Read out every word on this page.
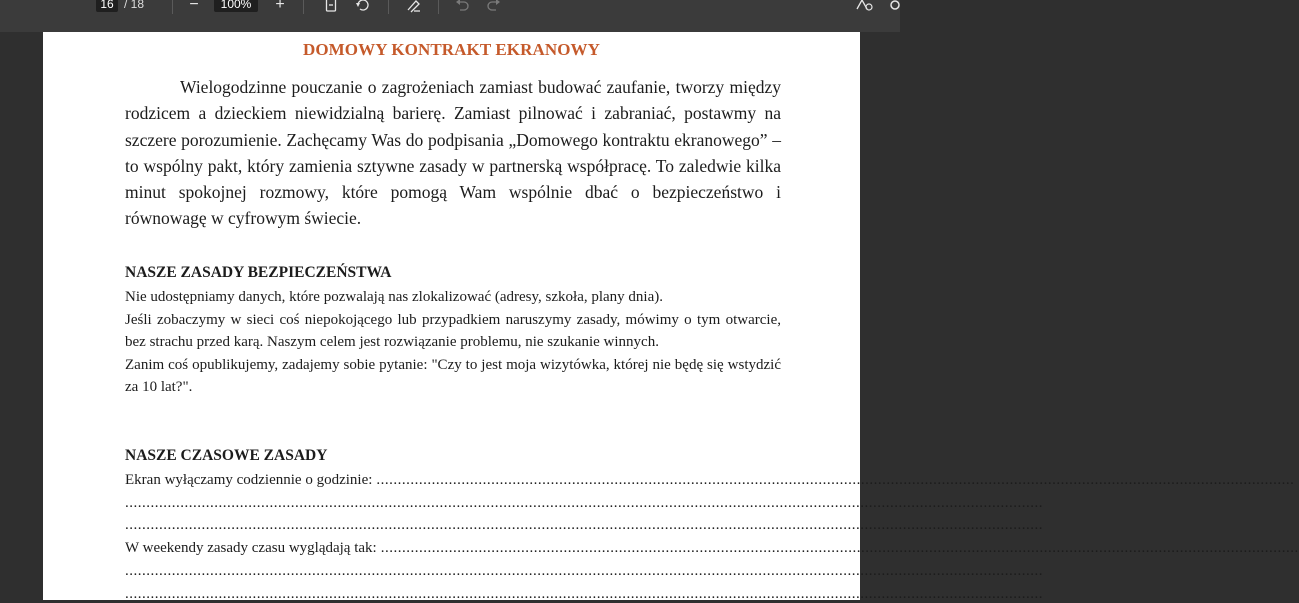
16 / 18	−	100%	+
DOMOWY KONTRAKT EKRANOWY
Wielogodzinne pouczanie o zagrożeniach zamiast budować zaufanie, tworzy między rodzicem a dzieckiem niewidzialną barierę. Zamiast pilnować i zabraniać, postawmy na szczere porozumienie. Zachęcamy Was do podpisania „Domowego kontraktu ekranowego” – to wspólny pakt, który zamienia sztywne zasady w partnerską współpracę. To zaledwie kilka minut spokojnej rozmowy, które pomogą Wam wspólnie dbać o bezpieczeństwo i równowagę w cyfrowym świecie.
NASZE ZASADY BEZPIECZEŃSTWA

Nie udostępniamy danych, które pozwalają nas zlokalizować (adresy, szkoła, plany dnia).

Jeśli zobaczymy w sieci coś niepokojącego lub przypadkiem naruszymy zasady, mówimy o tym otwarcie, bez strachu przed karą. Naszym celem jest rozwiązanie problemu, nie szukanie winnych.

Zanim coś opublikujemy, zadajemy sobie pytanie: "Czy to jest moja wizytówka, której nie będę się wstydzić za 10 lat?".

NASZE CZASOWE ZASADY
Ekran wyłączamy codziennie o godzinie: ........................................................................................................................................................................................................................
........................................................................................................................................................................................................................
........................................................................................................................................................................................................................
W weekendy zasady czasu wyglądają tak: ........................................................................................................................................................................................................................
........................................................................................................................................................................................................................
........................................................................................................................................................................................................................
